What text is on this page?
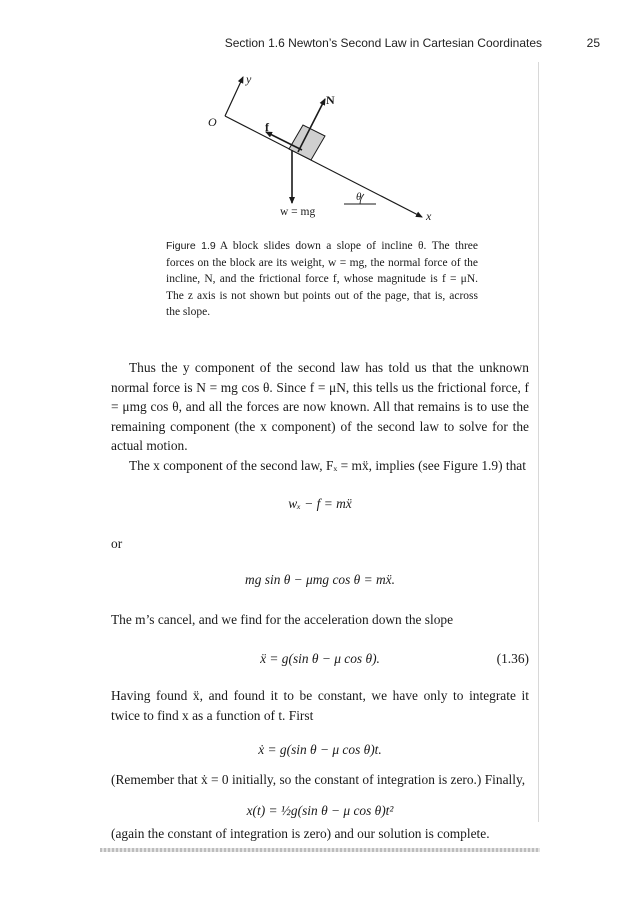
Section 1.6 Newton’s Second Law in Cartesian Coordinates	25
y
O
x
θ
N
f
w = mg
Figure 1.9 A block slides down a slope of incline θ. The three forces on the block are its weight, w = mg, the normal force of the incline, N, and the frictional force f, whose magnitude is f = μN. The z axis is not shown but points out of the page, that is, across the slope.

Thus the y component of the second law has told us that the unknown normal force is N = mg cos θ. Since f = μN, this tells us the frictional force, f = μmg cos θ, and all the forces are now known. All that remains is to use the remaining component (the x component) of the second law to solve for the actual motion.

The x component of the second law, Fₓ = mẍ, implies (see Figure 1.9) that

wₓ − f = mẍ

or

mg sin θ − μmg cos θ = mẍ.

The m’s cancel, and we find for the acceleration down the slope

ẍ = g(sin θ − μ cos θ).	(1.36)

Having found ẍ, and found it to be constant, we have only to integrate it twice to find x as a function of t. First

ẋ = g(sin θ − μ cos θ)t.

(Remember that ẋ = 0 initially, so the constant of integration is zero.) Finally,

x(t) = ½g(sin θ − μ cos θ)t²

(again the constant of integration is zero) and our solution is complete.
